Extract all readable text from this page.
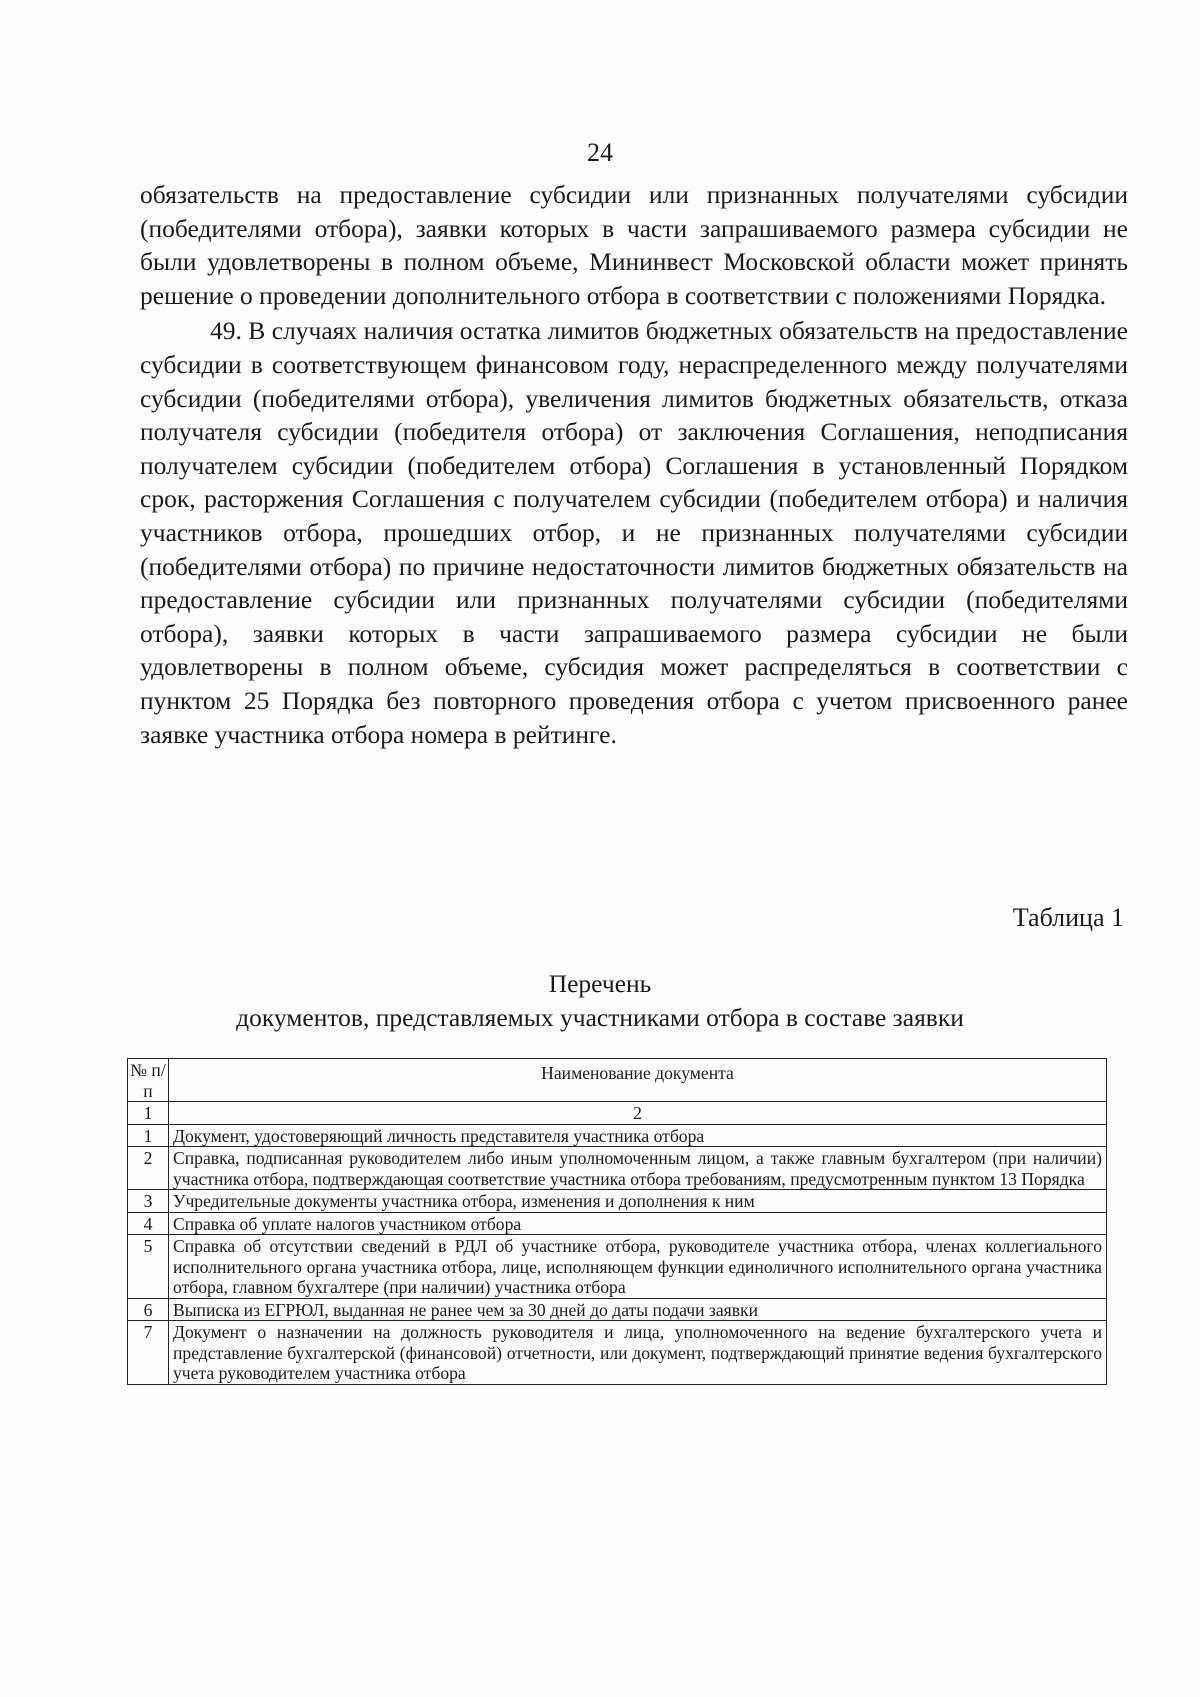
24

обязательств на предоставление субсидии или признанных получателями субсидии (победителями отбора), заявки которых в части запрашиваемого размера субсидии не были удовлетворены в полном объеме, Мининвест Московской области может принять решение о проведении дополнительного отбора в соответствии с положениями Порядка.

49. В случаях наличия остатка лимитов бюджетных обязательств на предоставление субсидии в соответствующем финансовом году, нераспределенного между получателями субсидии (победителями отбора), увеличения лимитов бюджетных обязательств, отказа получателя субсидии (победителя отбора) от заключения Соглашения, неподписания получателем субсидии (победителем отбора) Соглашения в установленный Порядком срок, расторжения Соглашения с получателем субсидии (победителем отбора) и наличия участников отбора, прошедших отбор, и не признанных получателями субсидии (победителями отбора) по причине недостаточности лимитов бюджетных обязательств на предоставление субсидии или признанных получателями субсидии (победителями отбора), заявки которых в части запрашиваемого размера субсидии не были удовлетворены в полном объеме, субсидия может распределяться в соответствии с пунктом 25 Порядка без повторного проведения отбора с учетом присвоенного ранее заявке участника отбора номера в рейтинге.

Таблица 1
Перечень
документов, представляемых участниками отбора в составе заявки
№ п/п	Наименование документа
1	2
1	Документ, удостоверяющий личность представителя участника отбора
2	Справка, подписанная руководителем либо иным уполномоченным лицом, а также главным бухгалтером (при наличии) участника отбора, подтверждающая соответствие участника отбора требованиям, предусмотренным пунктом 13 Порядка
3	Учредительные документы участника отбора, изменения и дополнения к ним
4	Справка об уплате налогов участником отбора
5	Справка об отсутствии сведений в РДЛ об участнике отбора, руководителе участника отбора, членах коллегиального исполнительного органа участника отбора, лице, исполняющем функции единоличного исполнительного органа участника отбора, главном бухгалтере (при наличии) участника отбора
6	Выписка из ЕГРЮЛ, выданная не ранее чем за 30 дней до даты подачи заявки
7	Документ о назначении на должность руководителя и лица, уполномоченного на ведение бухгалтерского учета и представление бухгалтерской (финансовой) отчетности, или документ, подтверждающий принятие ведения бухгалтерского учета руководителем участника отбора
